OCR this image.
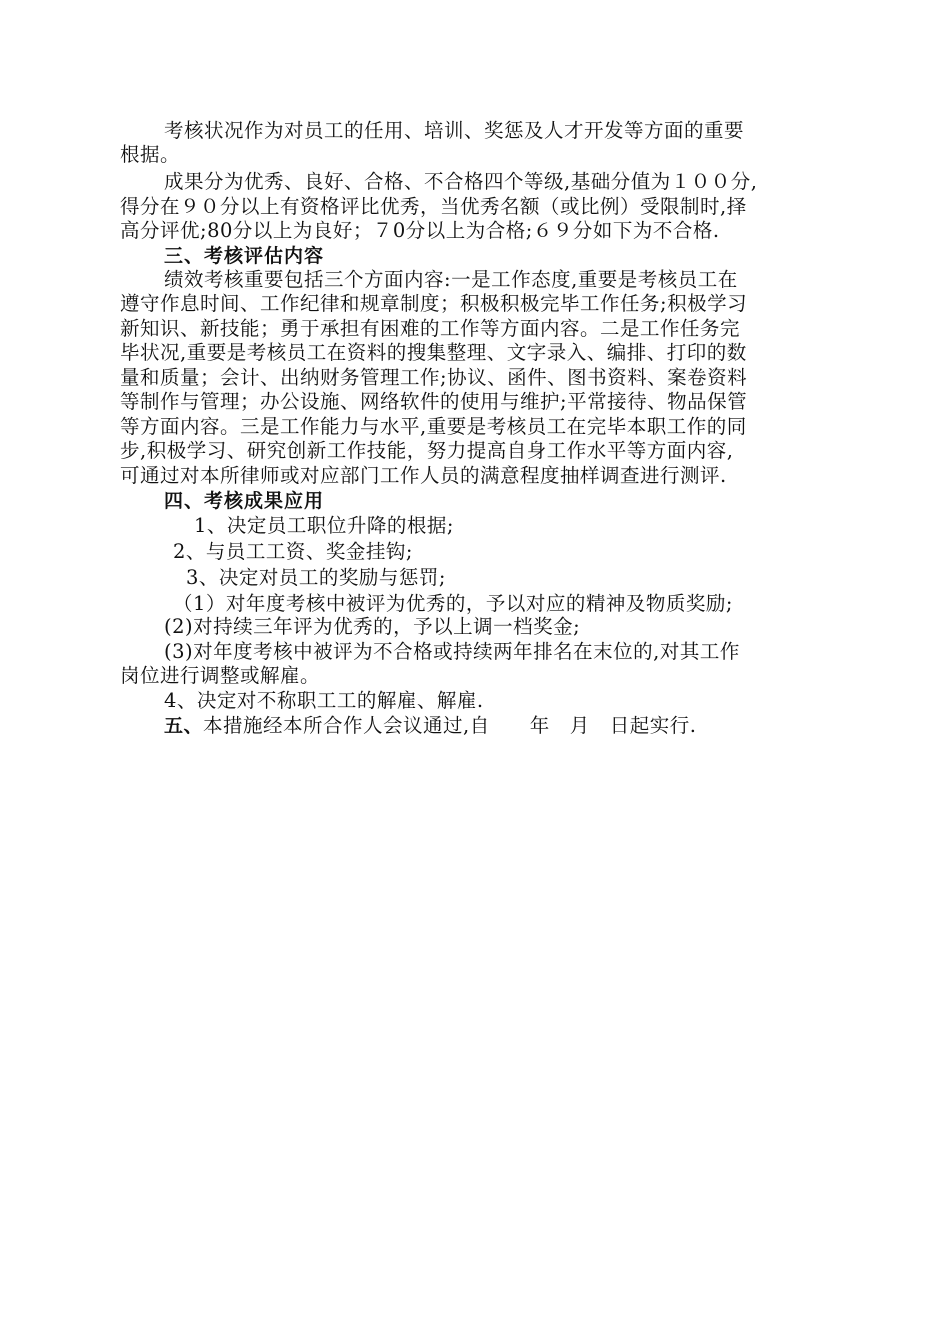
考核状况作为对员工的任用、培训、奖惩及人才开发等方面的重要
根据。
成果分为优秀、良好、合格、不合格四个等级,基础分值为１００分,
得分在９０分以上有资格评比优秀，当优秀名额（或比例）受限制时,择
高分评优;80分以上为良好；７0分以上为合格;６９分如下为不合格.
三、考核评估内容
绩效考核重要包括三个方面内容:一是工作态度,重要是考核员工在
遵守作息时间、工作纪律和规章制度；积极积极完毕工作任务;积极学习
新知识、新技能；勇于承担有困难的工作等方面内容。二是工作任务完
毕状况,重要是考核员工在资料的搜集整理、文字录入、编排、打印的数
量和质量；会计、出纳财务管理工作;协议、函件、图书资料、案卷资料
等制作与管理；办公设施、网络软件的使用与维护;平常接待、物品保管
等方面内容。三是工作能力与水平,重要是考核员工在完毕本职工作的同
步,积极学习、研究创新工作技能，努力提高自身工作水平等方面内容,
可通过对本所律师或对应部门工作人员的满意程度抽样调查进行测评.
四、考核成果应用
1、决定员工职位升降的根据;
2、与员工工资、奖金挂钩;
3、决定对员工的奖励与惩罚;
（1）对年度考核中被评为优秀的，予以对应的精神及物质奖励;
(2)对持续三年评为优秀的，予以上调一档奖金;
(3)对年度考核中被评为不合格或持续两年排名在末位的,对其工作
岗位进行调整或解雇。
4、决定对不称职工工的解雇、解雇.
五、本措施经本所合作人会议通过,自　　年　月　日起实行.
